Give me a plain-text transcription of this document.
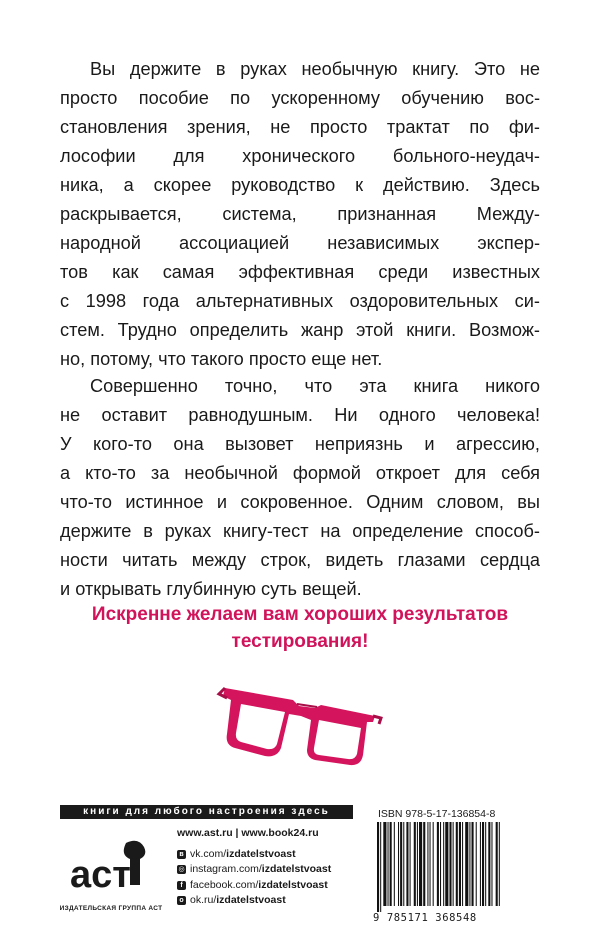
Вы держите в руках необычную книгу. Это не
просто пособие по ускоренному обучению вос-
становления зрения, не просто трактат по фи-
лософии для хронического больного-неудач-
ника, а скорее руководство к действию. Здесь
раскрывается, система, признанная Между-
народной ассоциацией независимых экспер-
тов как самая эффективная среди известных
с 1998 года альтернативных оздоровительных си-
стем. Трудно определить жанр этой книги. Возмож-
но, потому, что такого просто еще нет.
Совершенно точно, что эта книга никого
не оставит равнодушным. Ни одного человека!
У кого-то она вызовет неприязнь и агрессию,
а кто-то за необычной формой откроет для себя
что-то истинное и сокровенное. Одним словом, вы
держите в руках книгу-тест на определение способ-
ности читать между строк, видеть глазами сердца
и открывать глубинную суть вещей.
Искренне желаем вам хороших результатов
тестирования!
книги для любого настроения здесь
аст
ИЗДАТЕЛЬСКАЯ ГРУППА АСТ
www.ast.ru | www.book24.ru
в vk.com/ izdatelstvoast
◎ instagram.com/ izdatelstvoast
f facebook.com/ izdatelstvoast
о ok.ru/ izdatelstvoast
ISBN 978-5-17-136854-8
9 785171 368548
